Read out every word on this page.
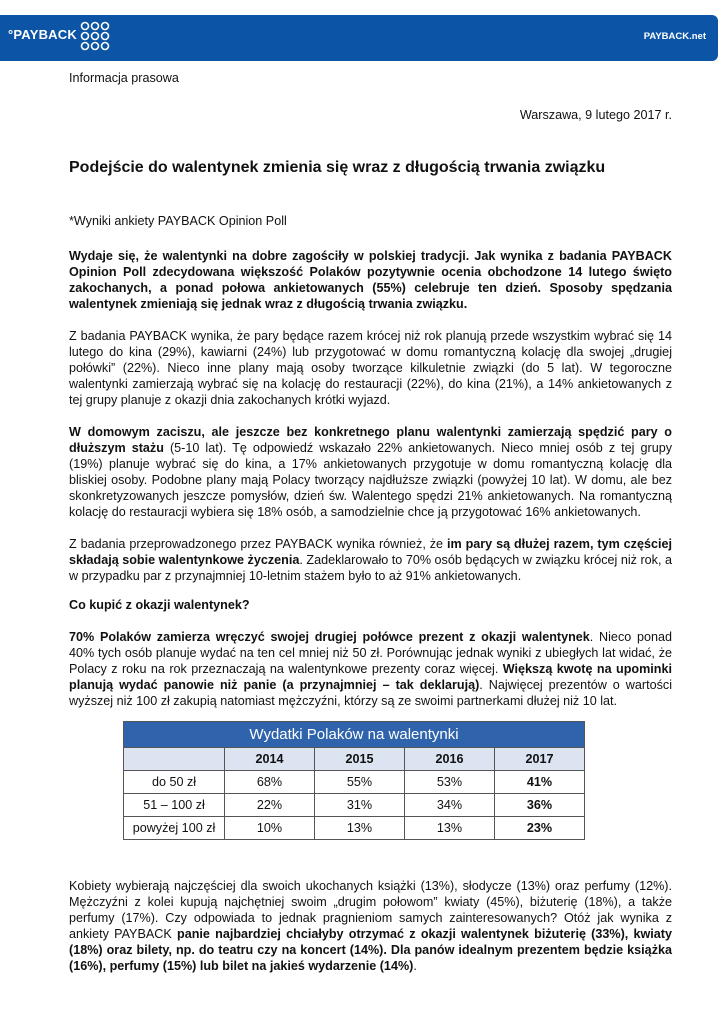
°PAYBACK	PAYBACK.net

Informacja prasowa

Warszawa, 9 lutego 2017 r.

Podejście do walentynek zmienia się wraz z długością trwania związku

*Wyniki ankiety PAYBACK Opinion Poll

Wydaje się, że walentynki na dobre zagościły w polskiej tradycji. Jak wynika z badania PAYBACK Opinion Poll zdecydowana większość Polaków pozytywnie ocenia obchodzone 14 lutego święto zakochanych, a ponad połowa ankietowanych (55%) celebruje ten dzień. Sposoby spędzania walentynek zmieniają się jednak wraz z długością trwania związku.

Z badania PAYBACK wynika, że pary będące razem krócej niż rok planują przede wszystkim wybrać się 14 lutego do kina (29%), kawiarni (24%) lub przygotować w domu romantyczną kolację dla swojej „drugiej połówki” (22%). Nieco inne plany mają osoby tworzące kilkuletnie związki (do 5 lat). W tegoroczne walentynki zamierzają wybrać się na kolację do restauracji (22%), do kina (21%), a 14% ankietowanych z tej grupy planuje z okazji dnia zakochanych krótki wyjazd.

W domowym zaciszu, ale jeszcze bez konkretnego planu walentynki zamierzają spędzić pary o dłuższym stażu (5-10 lat). Tę odpowiedź wskazało 22% ankietowanych. Nieco mniej osób z tej grupy (19%) planuje wybrać się do kina, a 17% ankietowanych przygotuje w domu romantyczną kolację dla bliskiej osoby. Podobne plany mają Polacy tworzący najdłuższe związki (powyżej 10 lat). W domu, ale bez skonkretyzowanych jeszcze pomysłów, dzień św. Walentego spędzi 21% ankietowanych. Na romantyczną kolację do restauracji wybiera się 18% osób, a samodzielnie chce ją przygotować 16% ankietowanych.

Z badania przeprowadzonego przez PAYBACK wynika również, że im pary są dłużej razem, tym częściej składają sobie walentynkowe życzenia. Zadeklarowało to 70% osób będących w związku krócej niż rok, a w przypadku par z przynajmniej 10-letnim stażem było to aż 91% ankietowanych.

Co kupić z okazji walentynek?

70% Polaków zamierza wręczyć swojej drugiej połówce prezent z okazji walentynek. Nieco ponad 40% tych osób planuje wydać na ten cel mniej niż 50 zł. Porównując jednak wyniki z ubiegłych lat widać, że Polacy z roku na rok przeznaczają na walentynkowe prezenty coraz więcej. Większą kwotę na upominki planują wydać panowie niż panie (a przynajmniej – tak deklarują). Najwięcej prezentów o wartości wyższej niż 100 zł zakupią natomiast mężczyźni, którzy są ze swoimi partnerkami dłużej niż 10 lat.

Wydatki Polaków na walentynki				
	2014	2015	2016	2017
do 50 zł	68%	55%	53%	41%
51 – 100 zł	22%	31%	34%	36%
powyżej 100 zł	10%	13%	13%	23%

Kobiety wybierają najczęściej dla swoich ukochanych książki (13%), słodycze (13%) oraz perfumy (12%). Mężczyźni z kolei kupują najchętniej swoim „drugim połowom” kwiaty (45%), biżuterię (18%), a także perfumy (17%). Czy odpowiada to jednak pragnieniom samych zainteresowanych? Otóż jak wynika z ankiety PAYBACK panie najbardziej chciałyby otrzymać z okazji walentynek biżuterię (33%), kwiaty (18%) oraz bilety, np. do teatru czy na koncert (14%). Dla panów idealnym prezentem będzie książka (16%), perfumy (15%) lub bilet na jakieś wydarzenie (14%).
